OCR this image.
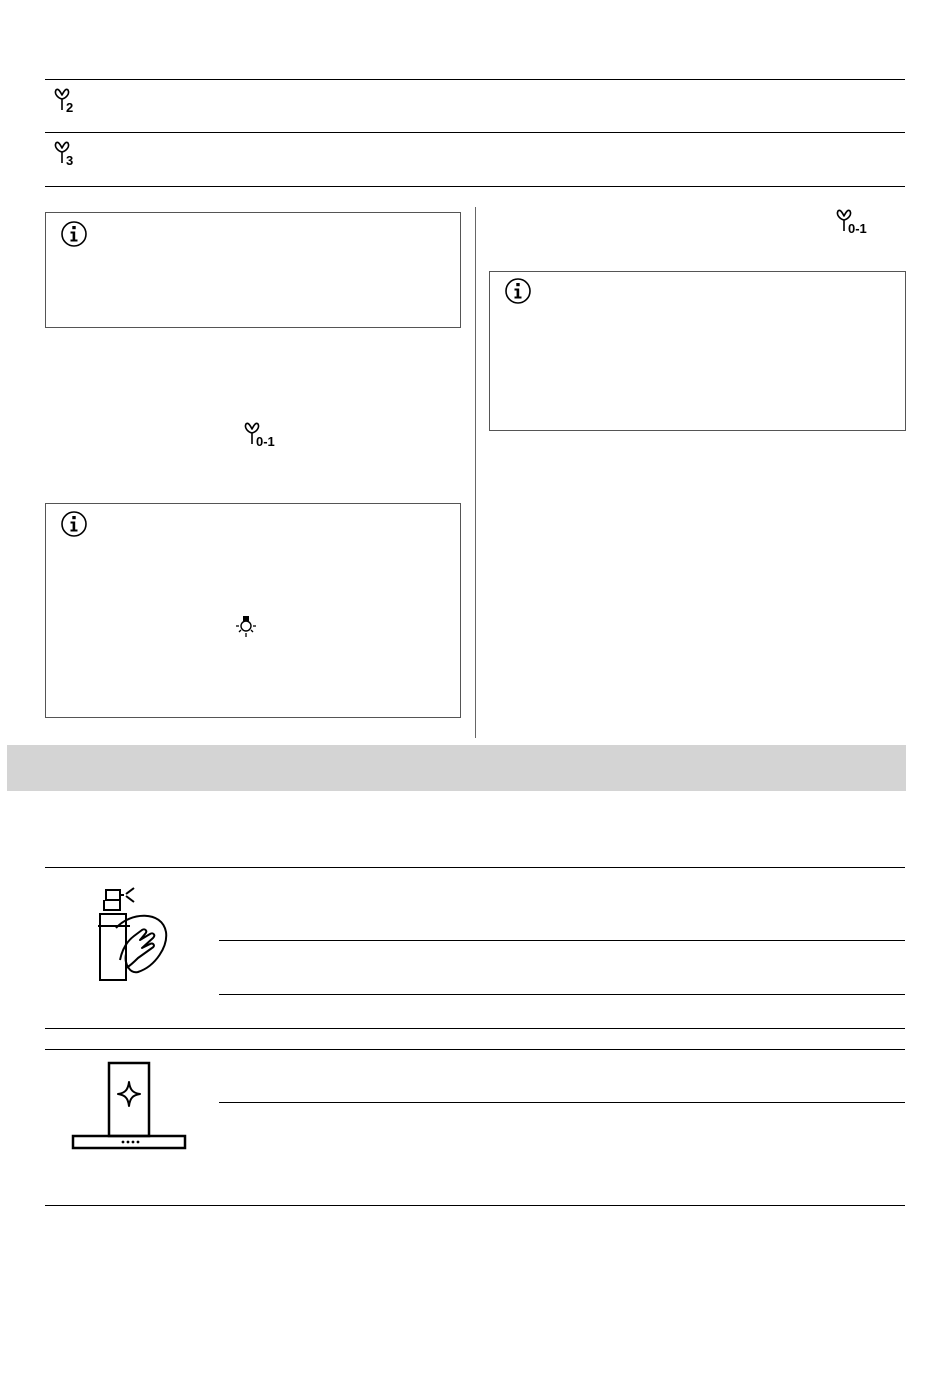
2
3
0-1
0-1
